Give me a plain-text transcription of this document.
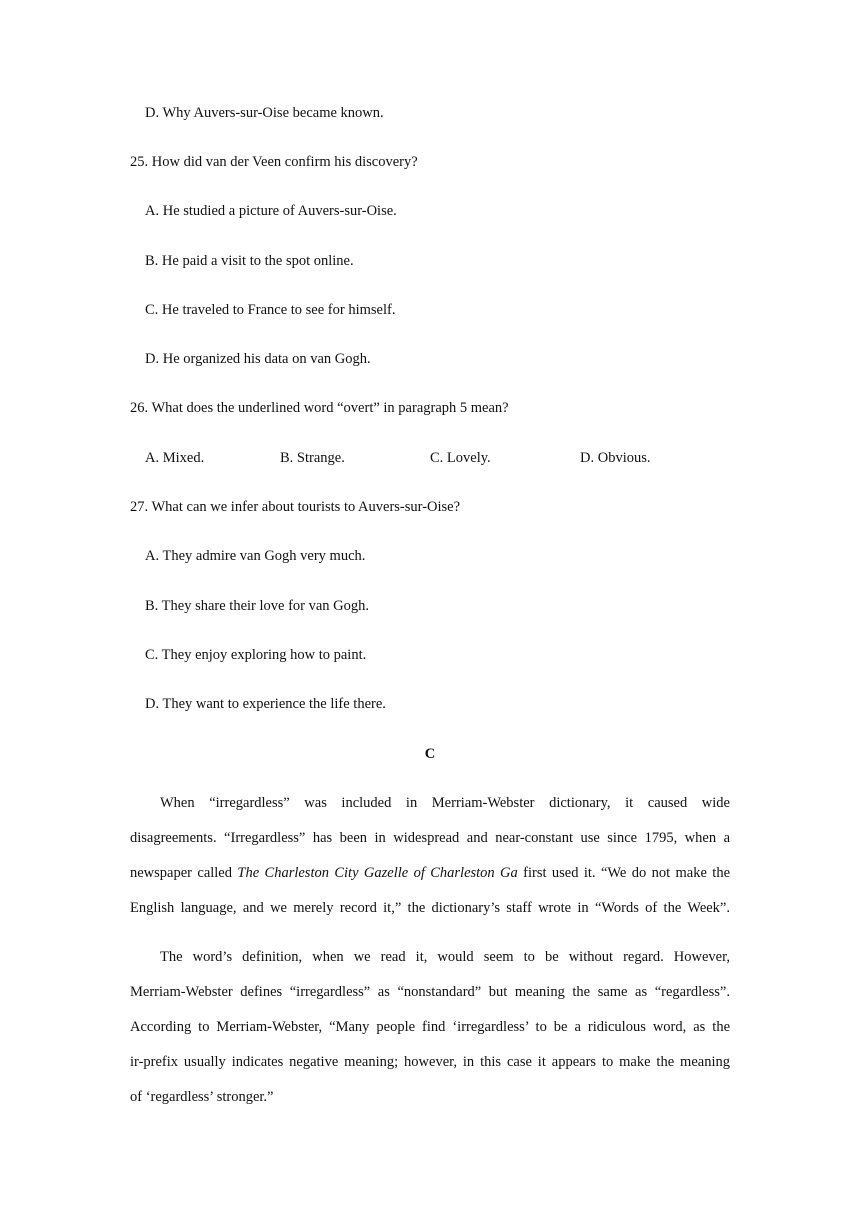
D. Why Auvers-sur-Oise became known.
25. How did van der Veen confirm his discovery?
A. He studied a picture of Auvers-sur-Oise.
B. He paid a visit to the spot online.
C. He traveled to France to see for himself.
D. He organized his data on van Gogh.
26. What does the underlined word “overt” in paragraph 5 mean?
A. Mixed.	B. Strange.	C. Lovely.	D. Obvious.
27. What can we infer about tourists to Auvers-sur-Oise?
A. They admire van Gogh very much.
B. They share their love for van Gogh.
C. They enjoy exploring how to paint.
D. They want to experience the life there.
C
When “irregardless” was included in Merriam-Webster dictionary, it caused wide
disagreements. “Irregardless” has been in widespread and near-constant use since 1795, when a
newspaper called The Charleston City Gazelle of Charleston Ga first used it. “We do not make the
English language, and we merely record it,” the dictionary’s staff wrote in “Words of the Week”.
The word’s definition, when we read it, would seem to be without regard. However,
Merriam-Webster defines “irregardless” as “nonstandard” but meaning the same as “regardless”.
According to Merriam-Webster, “Many people find ‘irregardless’ to be a ridiculous word, as the
ir-prefix usually indicates negative meaning; however, in this case it appears to make the meaning
of ‘regardless’ stronger.”
